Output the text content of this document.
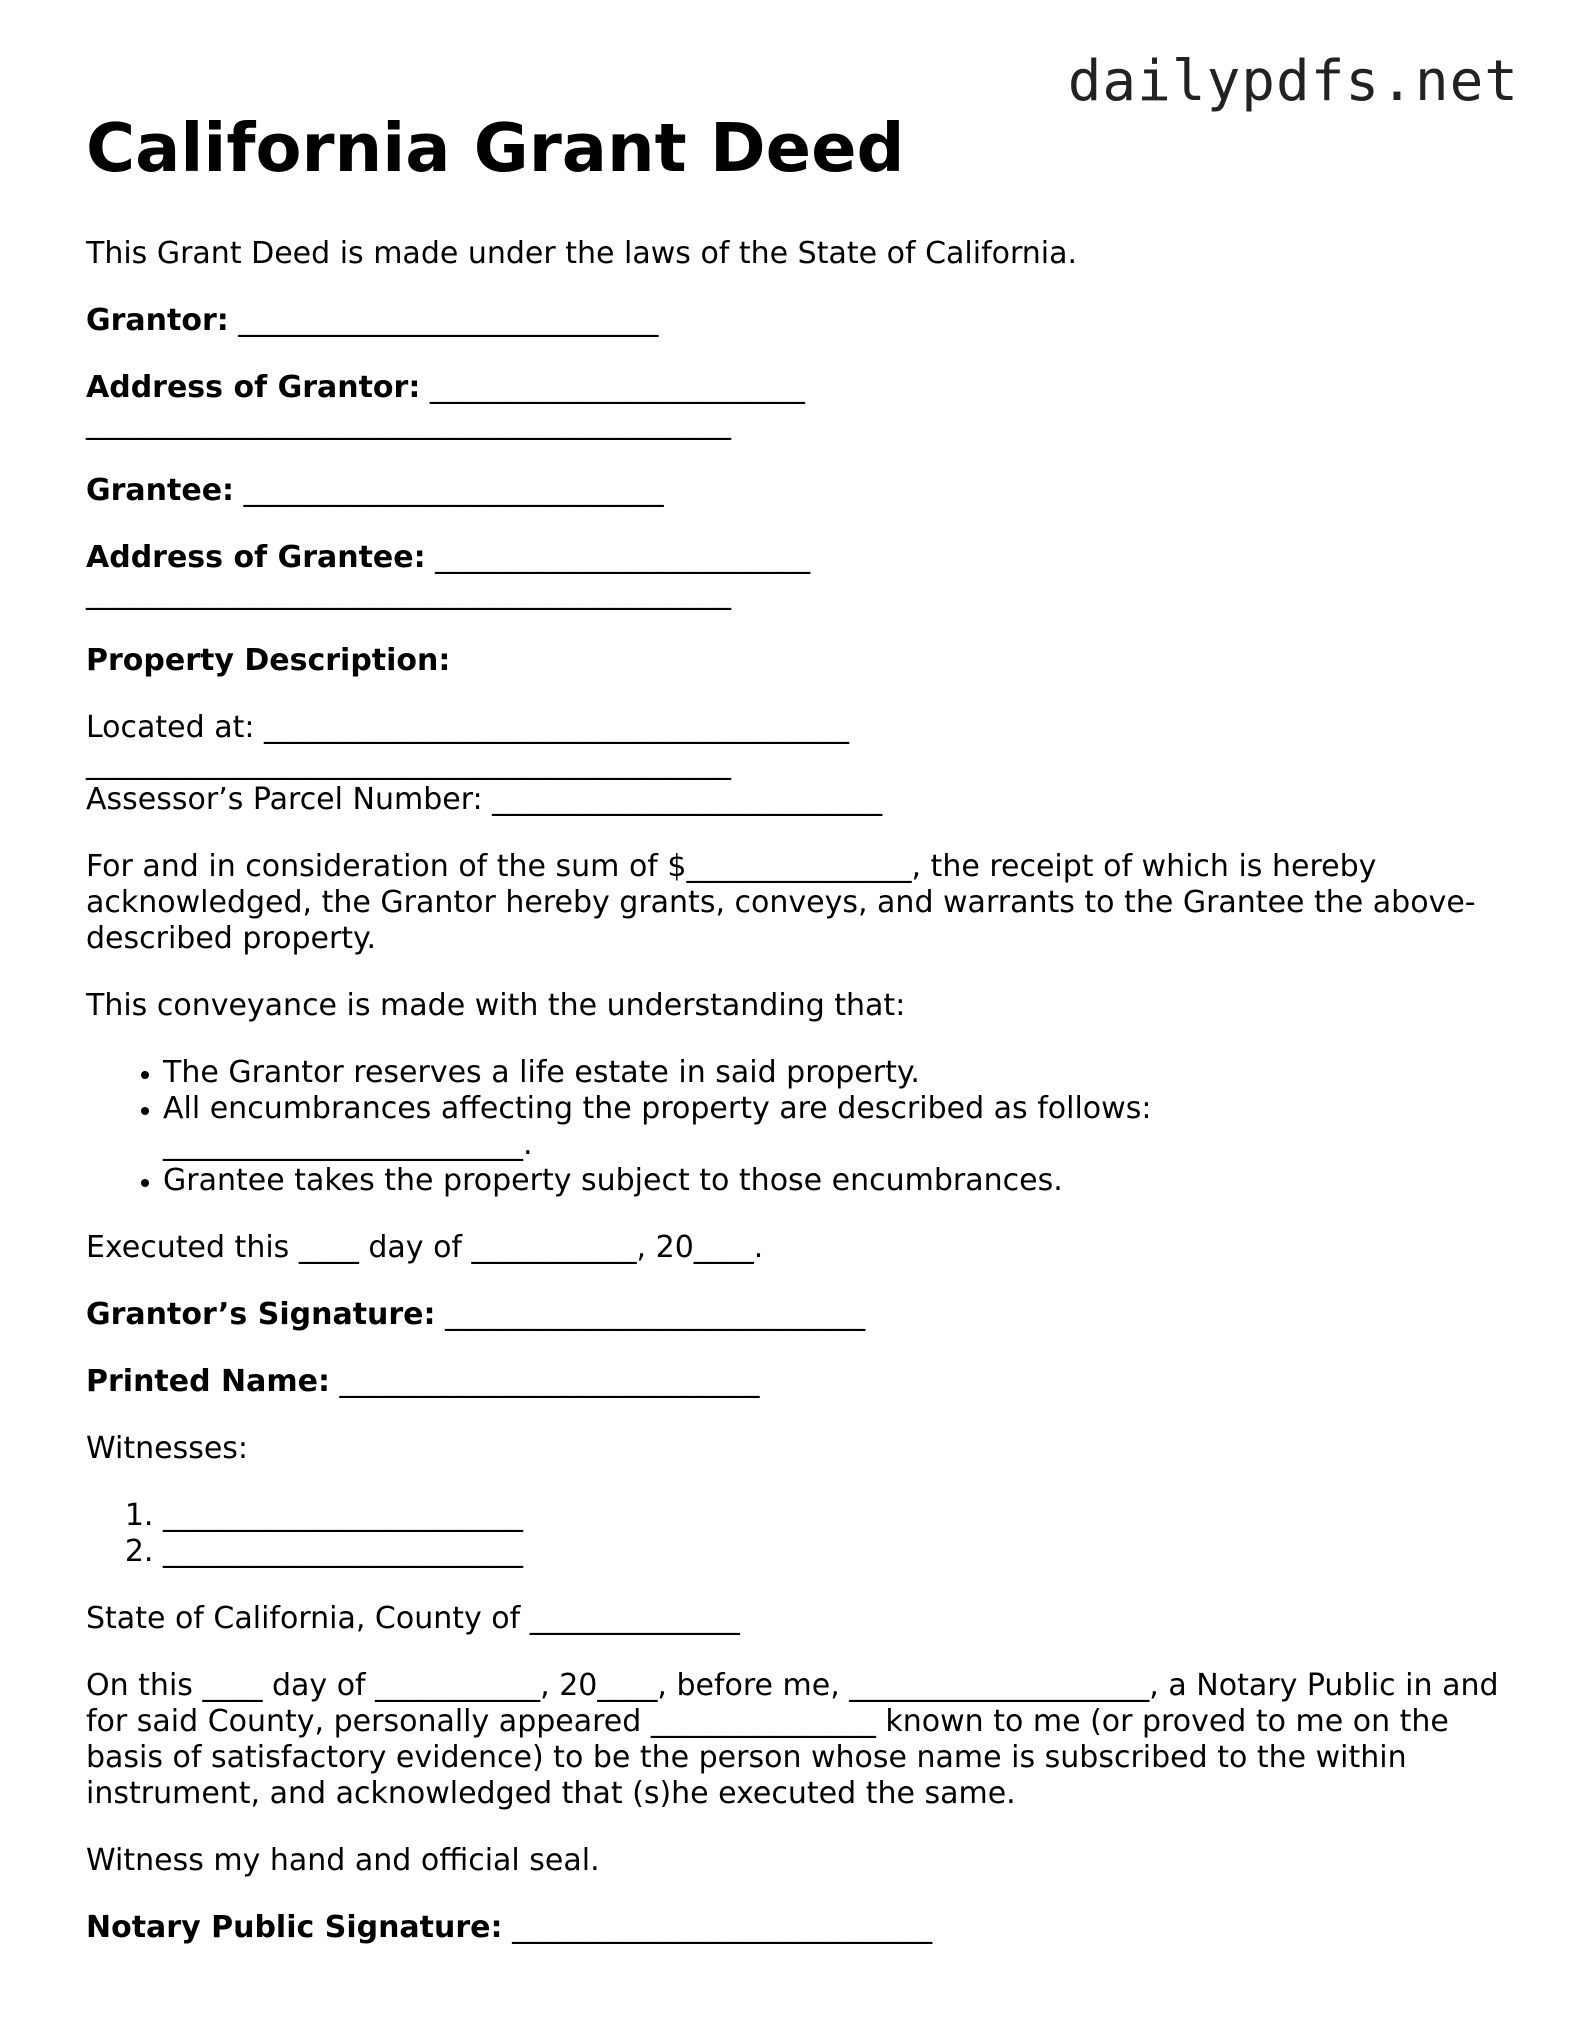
dailypdfs.net
California Grant Deed

This Grant Deed is made under the laws of the State of California.

Grantor: ____________________________

Address of Grantor: _________________________
___________________________________________

Grantee: ____________________________

Address of Grantee: _________________________
___________________________________________

Property Description:

Located at: _______________________________________
___________________________________________

Assessor’s Parcel Number: __________________________

For and in consideration of the sum of $_______________, the receipt of which is hereby acknowledged, the Grantor hereby grants, conveys, and warrants to the Grantee the above-described property.

This conveyance is made with the understanding that:

• The Grantor reserves a life estate in said property.
• All encumbrances affecting the property are described as follows: ________________________.
• Grantee takes the property subject to those encumbrances.

Executed this ____ day of ___________, 20____.

Grantor’s Signature: ____________________________

Printed Name: ____________________________

Witnesses:

1. ________________________
2. ________________________

State of California, County of ______________

On this ____ day of ___________, 20____, before me, ____________________, a Notary Public in and for said County, personally appeared _______________ known to me (or proved to me on the basis of satisfactory evidence) to be the person whose name is subscribed to the within instrument, and acknowledged that (s)he executed the same.

Witness my hand and official seal.

Notary Public Signature: ____________________________
